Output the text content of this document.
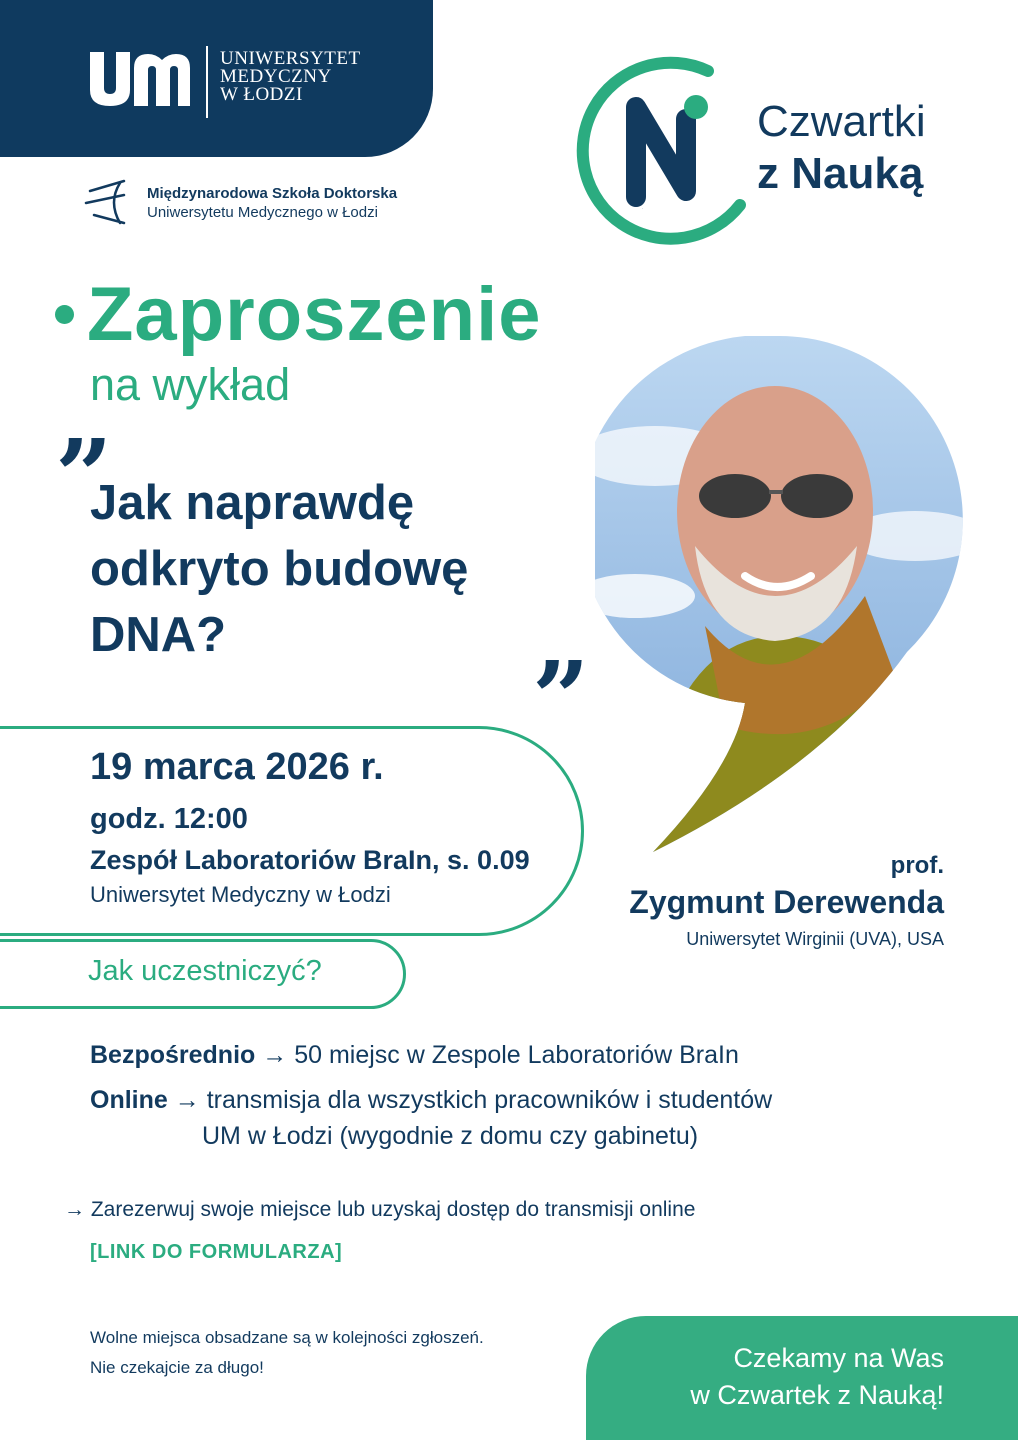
UNIWERSYTET
MEDYCZNY
W ŁODZI
Międzynarodowa Szkoła Doktorska
Uniwersytetu Medycznego w Łodzi	N
Czwartki
z Nauką
Zaproszenie
na wykład
”
Jak naprawdę odkryto budowę DNA?
”
19 marca 2026 r.
godz. 12:00
Zespół Laboratoriów BraIn, s. 0.09
Uniwersytet Medyczny w Łodzi
prof.
Zygmunt Derewenda
Uniwersytet Wirginii (UVA), USA
Jak uczestniczyć?
Bezpośrednio → 50 miejsc w Zespole Laboratoriów BraIn
Online → transmisja dla wszystkich pracowników i studentów
UM w Łodzi (wygodnie z domu czy gabinetu)
→ Zarezerwuj swoje miejsce lub uzyskaj dostęp do transmisji online
[LINK DO FORMULARZA]
Wolne miejsca obsadzane są w kolejności zgłoszeń.
Nie czekajcie za długo!	Czekamy na Was
w Czwartek z Nauką!
